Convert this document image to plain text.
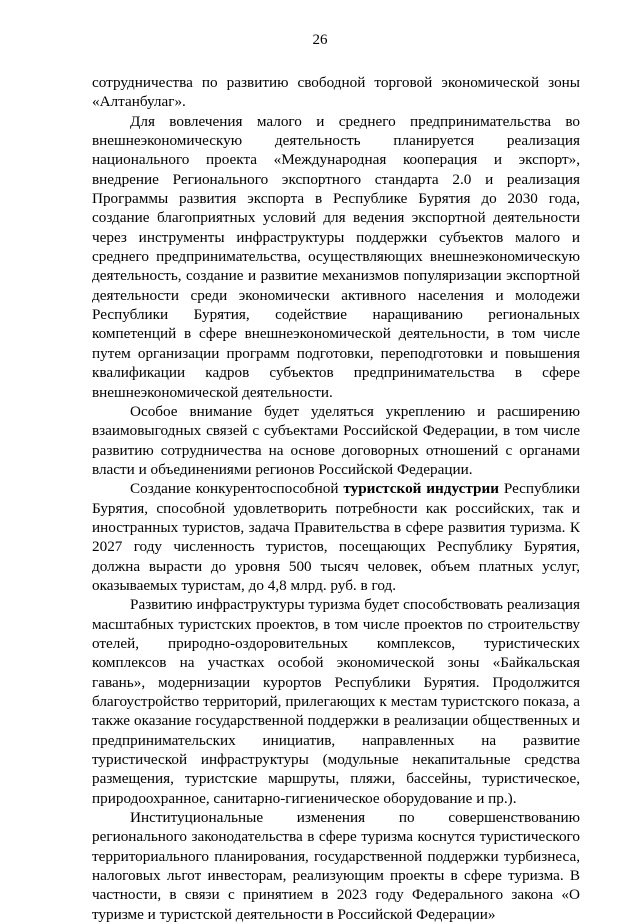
26

сотрудничества по развитию свободной торговой экономической зоны «Алтанбулаг».

Для вовлечения малого и среднего предпринимательства во внешнеэкономическую деятельность планируется реализация национального проекта «Международная кооперация и экспорт», внедрение Регионального экспортного стандарта 2.0 и реализация Программы развития экспорта в Республике Бурятия до 2030 года, создание благоприятных условий для ведения экспортной деятельности через инструменты инфраструктуры поддержки субъектов малого и среднего предпринимательства, осуществляющих внешнеэкономическую деятельность, создание и развитие механизмов популяризации экспортной деятельности среди экономически активного населения и молодежи Республики Бурятия, содействие наращиванию региональных компетенций в сфере внешнеэкономической деятельности, в том числе путем организации программ подготовки, переподготовки и повышения квалификации кадров субъектов предпринимательства в сфере внешнеэкономической деятельности.

Особое внимание будет уделяться укреплению и расширению взаимовыгодных связей с субъектами Российской Федерации, в том числе развитию сотрудничества на основе договорных отношений с органами власти и объединениями регионов Российской Федерации.

Создание конкурентоспособной туристской индустрии Республики Бурятия, способной удовлетворить потребности как российских, так и иностранных туристов, задача Правительства в сфере развития туризма. К 2027 году численность туристов, посещающих Республику Бурятия, должна вырасти до уровня 500 тысяч человек, объем платных услуг, оказываемых туристам, до 4,8 млрд. руб. в год.

Развитию инфраструктуры туризма будет способствовать реализация масштабных туристских проектов, в том числе проектов по строительству отелей, природно-оздоровительных комплексов, туристических комплексов на участках особой экономической зоны «Байкальская гавань», модернизации курортов Республики Бурятия. Продолжится благоустройство территорий, прилегающих к местам туристского показа, а также оказание государственной поддержки в реализации общественных и предпринимательских инициатив, направленных на развитие туристической инфраструктуры (модульные некапитальные средства размещения, туристские маршруты, пляжи, бассейны, туристическое, природоохранное, санитарно-гигиеническое оборудование и пр.).

Институциональные изменения по совершенствованию регионального законодательства в сфере туризма коснутся туристического территориального планирования, государственной поддержки турбизнеса, налоговых льгот инвесторам, реализующим проекты в сфере туризма. В частности, в связи с принятием в 2023 году Федерального закона «О туризме и туристской деятельности в Российской Федерации»
